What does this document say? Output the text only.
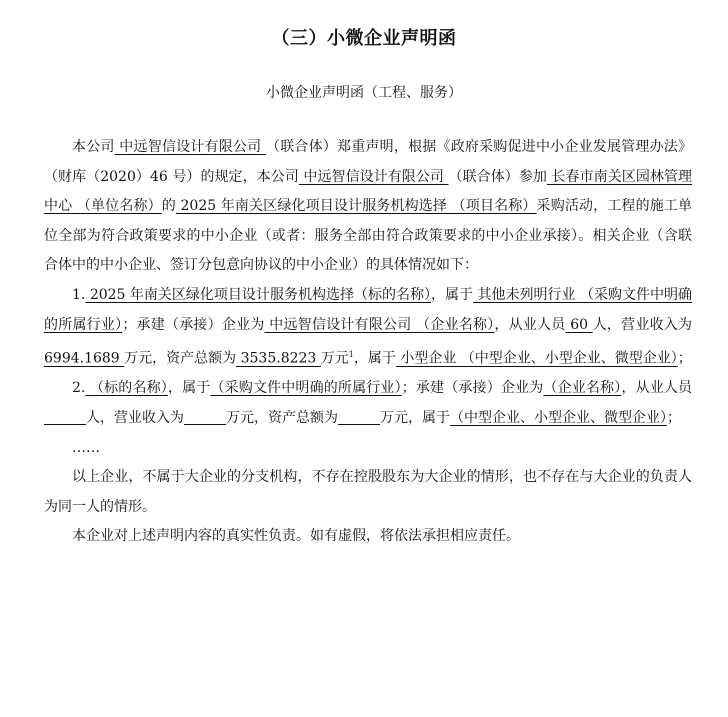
（三）小微企业声明函
小微企业声明函（工程、服务）

本公司 中远智信设计有限公司 （联合体）郑重声明，根据《政府采购促进中小企业发展管理办法》（财库（2020）46 号）的规定，本公司 中远智信设计有限公司 （联合体）参加 长春市南关区园林管理中心 （单位名称）的 2025 年南关区绿化项目设计服务机构选择 （项目名称）采购活动，工程的施工单位全部为符合政策要求的中小企业（或者：服务全部由符合政策要求的中小企业承接）。相关企业（含联合体中的中小企业、签订分包意向协议的中小企业）的具体情况如下：

1. 2025 年南关区绿化项目设计服务机构选择（标的名称），属于 其他未列明行业 （采购文件中明确的所属行业）；承建（承接）企业为 中远智信设计有限公司 （企业名称），从业人员 60 人，营业收入为 6994.1689 万元，资产总额为 3535.8223 万元$^1$，属于 小型企业 （中型企业、小型企业、微型企业）；

2. （标的名称），属于（采购文件中明确的所属行业）；承建（承接）企业为（企业名称），从业人员人，营业收入为	万元，资产总额为	万元，属于（中型企业、小型企业、微型企业）；

……

以上企业，不属于大企业的分支机构，不存在控股股东为大企业的情形，也不存在与大企业的负责人为同一人的情形。

本企业对上述声明内容的真实性负责。如有虚假，将依法承担相应责任。
